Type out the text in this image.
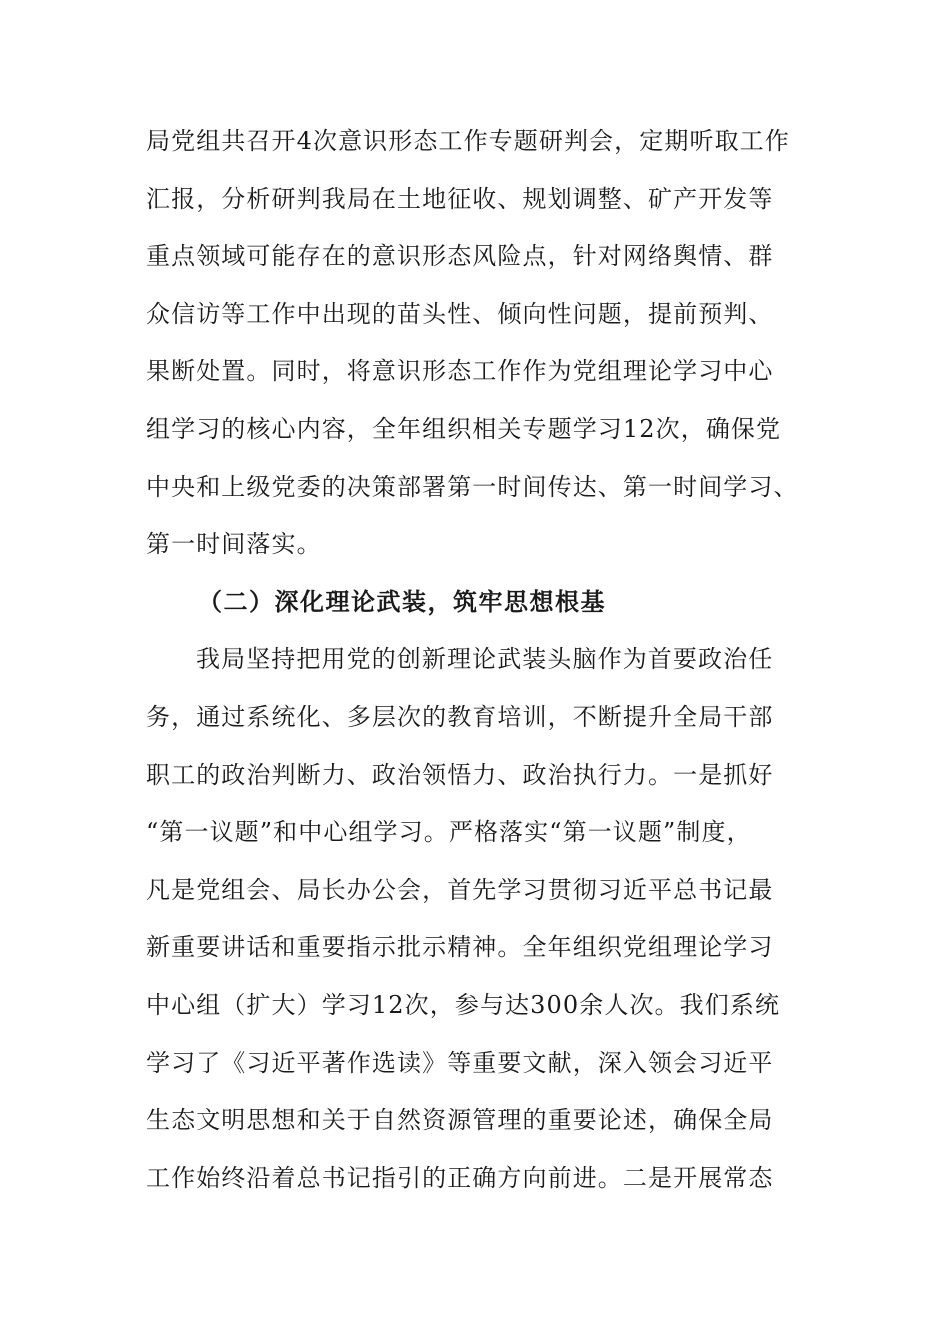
局党组共召开4次意识形态工作专题研判会，定期听取工作
汇报，分析研判我局在土地征收、规划调整、矿产开发等
重点领域可能存在的意识形态风险点，针对网络舆情、群
众信访等工作中出现的苗头性、倾向性问题，提前预判、
果断处置。同时，将意识形态工作作为党组理论学习中心
组学习的核心内容，全年组织相关专题学习12次，确保党
中央和上级党委的决策部署第一时间传达、第一时间学习、
第一时间落实。
（二）深化理论武装，筑牢思想根基
我局坚持把用党的创新理论武装头脑作为首要政治任
务，通过系统化、多层次的教育培训，不断提升全局干部
职工的政治判断力、政治领悟力、政治执行力。一是抓好
“第一议题”和中心组学习。严格落实“第一议题”制度，
凡是党组会、局长办公会，首先学习贯彻习近平总书记最
新重要讲话和重要指示批示精神。全年组织党组理论学习
中心组（扩大）学习12次，参与达300余人次。我们系统
学习了《习近平著作选读》等重要文献，深入领会习近平
生态文明思想和关于自然资源管理的重要论述，确保全局
工作始终沿着总书记指引的正确方向前进。二是开展常态
